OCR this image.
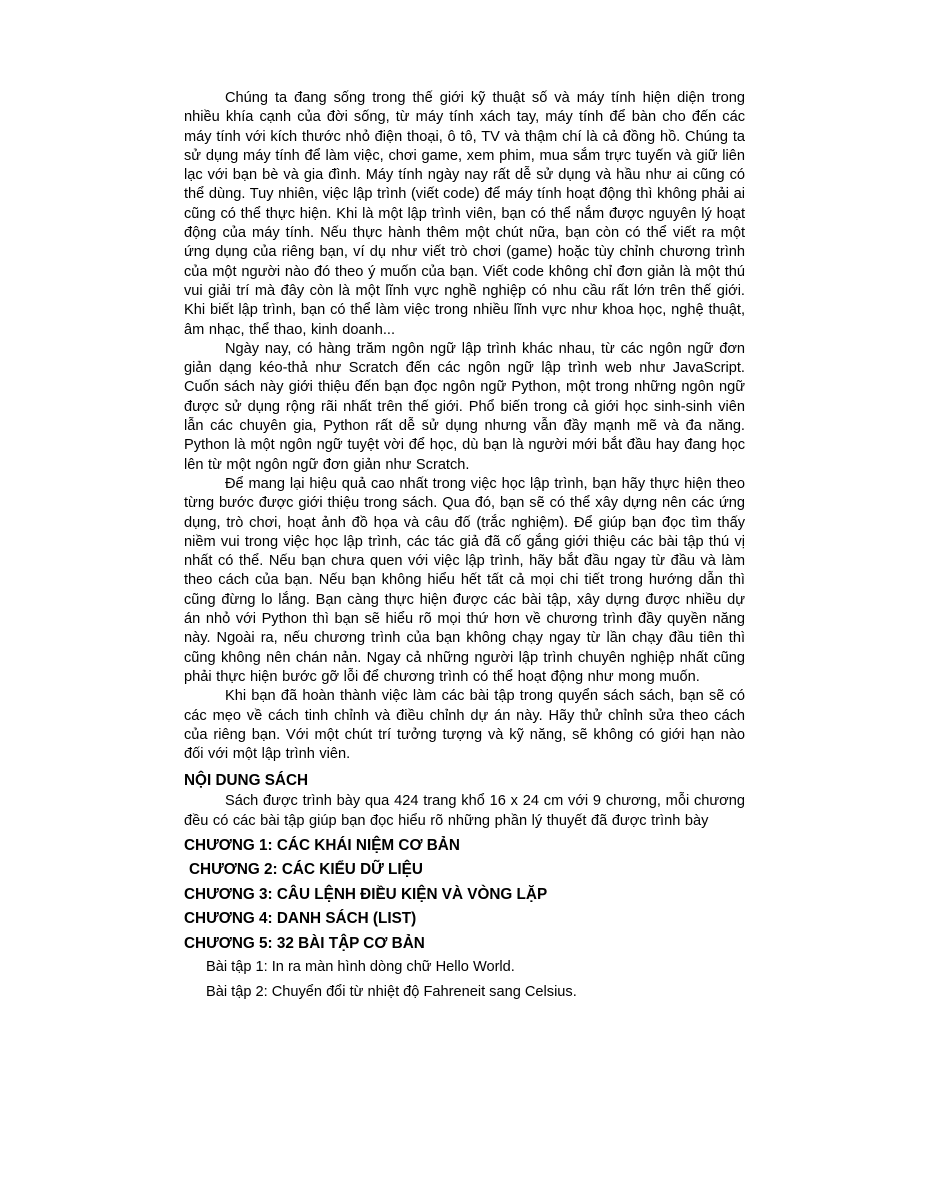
Chúng ta đang sống trong thế giới kỹ thuật số và máy tính hiện diện trong nhiều khía cạnh của đời sống, từ máy tính xách tay, máy tính để bàn cho đến các máy tính với kích thước nhỏ điện thoại, ô tô, TV và thậm chí là cả đồng hồ. Chúng ta sử dụng máy tính để làm việc, chơi game, xem phim, mua sắm trực tuyến và giữ liên lạc với bạn bè và gia đình. Máy tính ngày nay rất dễ sử dụng và hầu như ai cũng có thể dùng. Tuy nhiên, việc lập trình (viết code) để máy tính hoạt động thì không phải ai cũng có thể thực hiện. Khi là một lập trình viên, bạn có thể nắm được nguyên lý hoạt động của máy tính. Nếu thực hành thêm một chút nữa, bạn còn có thể viết ra một ứng dụng của riêng bạn, ví dụ như viết trò chơi (game) hoặc tùy chỉnh chương trình của một người nào đó theo ý muốn của bạn. Viết code không chỉ đơn giản là một thú vui giải trí mà đây còn là một lĩnh vực nghề nghiệp có nhu cầu rất lớn trên thế giới. Khi biết lập trình, bạn có thể làm việc trong nhiều lĩnh vực như khoa học, nghệ thuật, âm nhạc, thể thao, kinh doanh...

Ngày nay, có hàng trăm ngôn ngữ lập trình khác nhau, từ các ngôn ngữ đơn giản dạng kéo-thả như Scratch đến các ngôn ngữ lập trình web như JavaScript. Cuốn sách này giới thiệu đến bạn đọc ngôn ngữ Python, một trong những ngôn ngữ được sử dụng rộng rãi nhất trên thế giới. Phổ biến trong cả giới học sinh-sinh viên lẫn các chuyên gia, Python rất dễ sử dụng nhưng vẫn đầy mạnh mẽ và đa năng. Python là một ngôn ngữ tuyệt vời để học, dù bạn là người mới bắt đầu hay đang học lên từ một ngôn ngữ đơn giản như Scratch.

Để mang lại hiệu quả cao nhất trong việc học lập trình, bạn hãy thực hiện theo từng bước được giới thiệu trong sách. Qua đó, bạn sẽ có thể xây dựng nên các ứng dụng, trò chơi, hoạt ảnh đồ họa và câu đố (trắc nghiệm). Để giúp bạn đọc tìm thấy niềm vui trong việc học lập trình, các tác giả đã cố gắng giới thiệu các bài tập thú vị nhất có thể. Nếu bạn chưa quen với việc lập trình, hãy bắt đầu ngay từ đầu và làm theo cách của bạn. Nếu bạn không hiểu hết tất cả mọi chi tiết trong hướng dẫn thì cũng đừng lo lắng. Bạn càng thực hiện được các bài tập, xây dựng được nhiều dự án nhỏ với Python thì bạn sẽ hiểu rõ mọi thứ hơn về chương trình đầy quyền năng này. Ngoài ra, nếu chương trình của bạn không chạy ngay từ lần chạy đầu tiên thì cũng không nên chán nản. Ngay cả những người lập trình chuyên nghiệp nhất cũng phải thực hiện bước gỡ lỗi để chương trình có thể hoạt động như mong muốn.

Khi bạn đã hoàn thành việc làm các bài tập trong quyển sách sách, bạn sẽ có các mẹo về cách tinh chỉnh và điều chỉnh dự án này. Hãy thử chỉnh sửa theo cách của riêng bạn. Với một chút trí tưởng tượng và kỹ năng, sẽ không có giới hạn nào đối với một lập trình viên.

NỘI DUNG SÁCH

Sách được trình bày qua 424 trang khổ 16 x 24 cm với 9 chương, mỗi chương đều có các bài tập giúp bạn đọc hiểu rõ những phần lý thuyết đã được trình bày

CHƯƠNG 1: CÁC KHÁI NIỆM CƠ BẢN
CHƯƠNG 2: CÁC KIỂU DỮ LIỆU
CHƯƠNG 3: CÂU LỆNH ĐIỀU KIỆN VÀ VÒNG LẶP
CHƯƠNG 4: DANH SÁCH (LIST)
CHƯƠNG 5: 32 BÀI TẬP CƠ BẢN

Bài tập 1: In ra màn hình dòng chữ Hello World.

Bài tập 2: Chuyển đổi từ nhiệt độ Fahreneit sang Celsius.
